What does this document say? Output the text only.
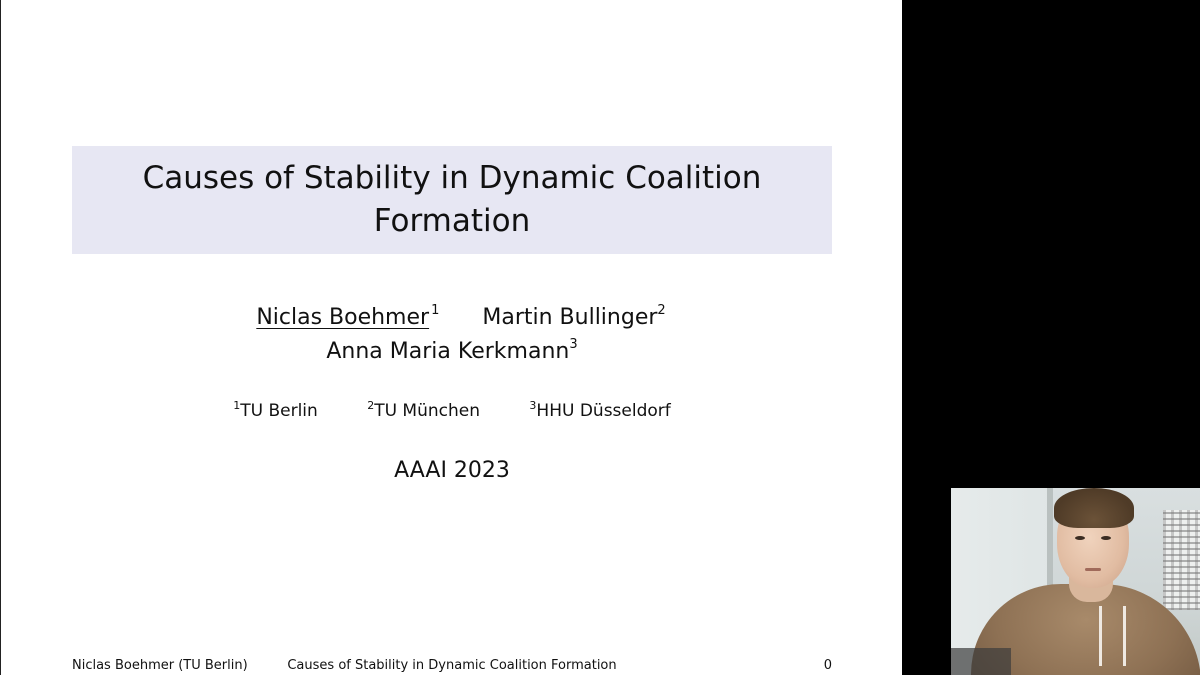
Causes of Stability in Dynamic Coalition Formation
Niclas Boehmer $^1$ Martin Bullinger$^2$
Anna Maria Kerkmann$^3$
$^1$TU Berlin	$^2$TU München	$^3$HHU Düsseldorf
AAAI 2023
Niclas Boehmer (TU Berlin)	Causes of Stability in Dynamic Coalition Formation	0
